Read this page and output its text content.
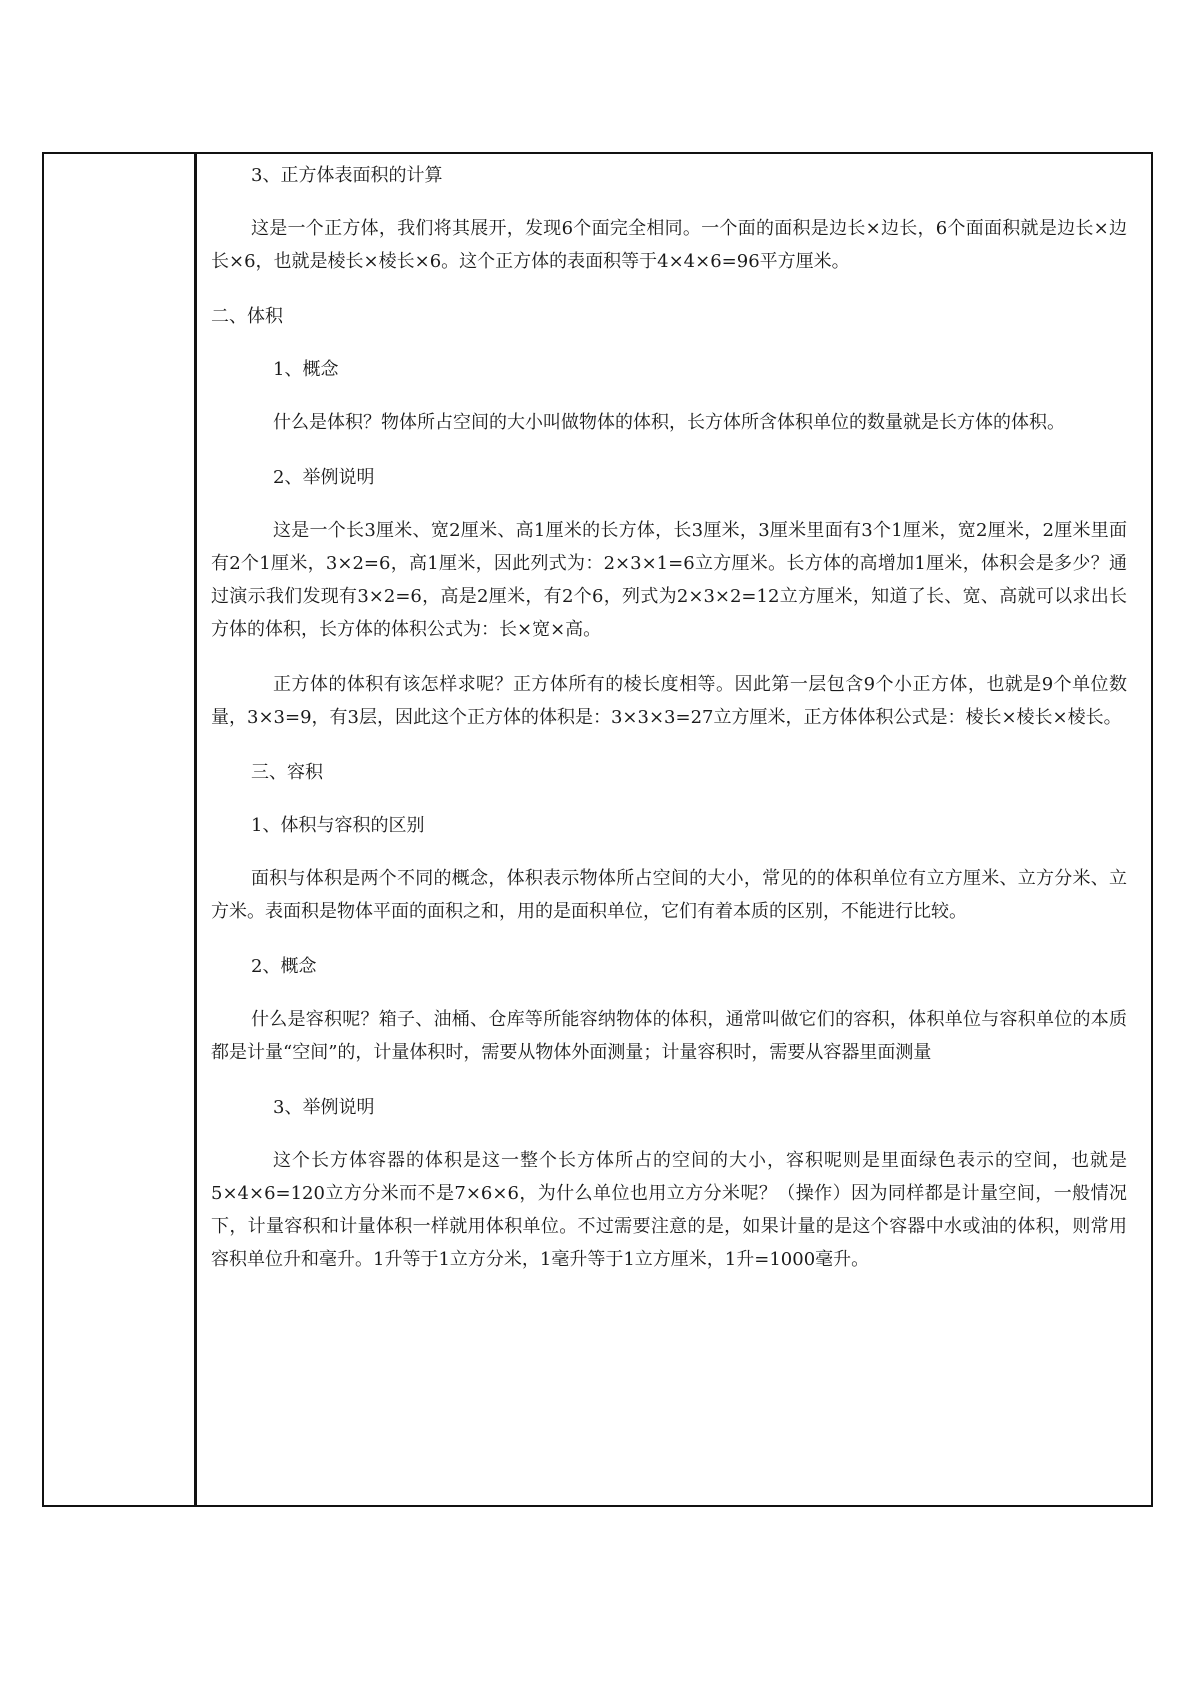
3、正方体表面积的计算

这是一个正方体，我们将其展开，发现6个面完全相同。一个面的面积是边长×边长，6个面面积就是边长×边长×6，也就是棱长×棱长×6。这个正方体的表面积等于4×4×6=96平方厘米。

二、体积

1、概念

什么是体积？物体所占空间的大小叫做物体的体积，长方体所含体积单位的数量就是长方体的体积。

2、举例说明

这是一个长3厘米、宽2厘米、高1厘米的长方体，长3厘米，3厘米里面有3个1厘米，宽2厘米，2厘米里面有2个1厘米，3×2=6，高1厘米，因此列式为：2×3×1=6立方厘米。长方体的高增加1厘米，体积会是多少？通过演示我们发现有3×2=6，高是2厘米，有2个6，列式为2×3×2=12立方厘米，知道了长、宽、高就可以求出长方体的体积，长方体的体积公式为：长×宽×高。

正方体的体积有该怎样求呢？正方体所有的棱长度相等。因此第一层包含9个小正方体，也就是9个单位数量，3×3=9，有3层，因此这个正方体的体积是：3×3×3=27立方厘米，正方体体积公式是：棱长×棱长×棱长。

三、容积

1、体积与容积的区别

面积与体积是两个不同的概念，体积表示物体所占空间的大小，常见的的体积单位有立方厘米、立方分米、立方米。表面积是物体平面的面积之和，用的是面积单位，它们有着本质的区别，不能进行比较。

2、概念

什么是容积呢？箱子、油桶、仓库等所能容纳物体的体积，通常叫做它们的容积，体积单位与容积单位的本质都是计量“空间”的，计量体积时，需要从物体外面测量；计量容积时，需要从容器里面测量

3、举例说明

这个长方体容器的体积是这一整个长方体所占的空间的大小，容积呢则是里面绿色表示的空间，也就是5×4×6=120立方分米而不是7×6×6，为什么单位也用立方分米呢？（操作）因为同样都是计量空间，一般情况下，计量容积和计量体积一样就用体积单位。不过需要注意的是，如果计量的是这个容器中水或油的体积，则常用容积单位升和毫升。1升等于1立方分米，1毫升等于1立方厘米，1升=1000毫升。
